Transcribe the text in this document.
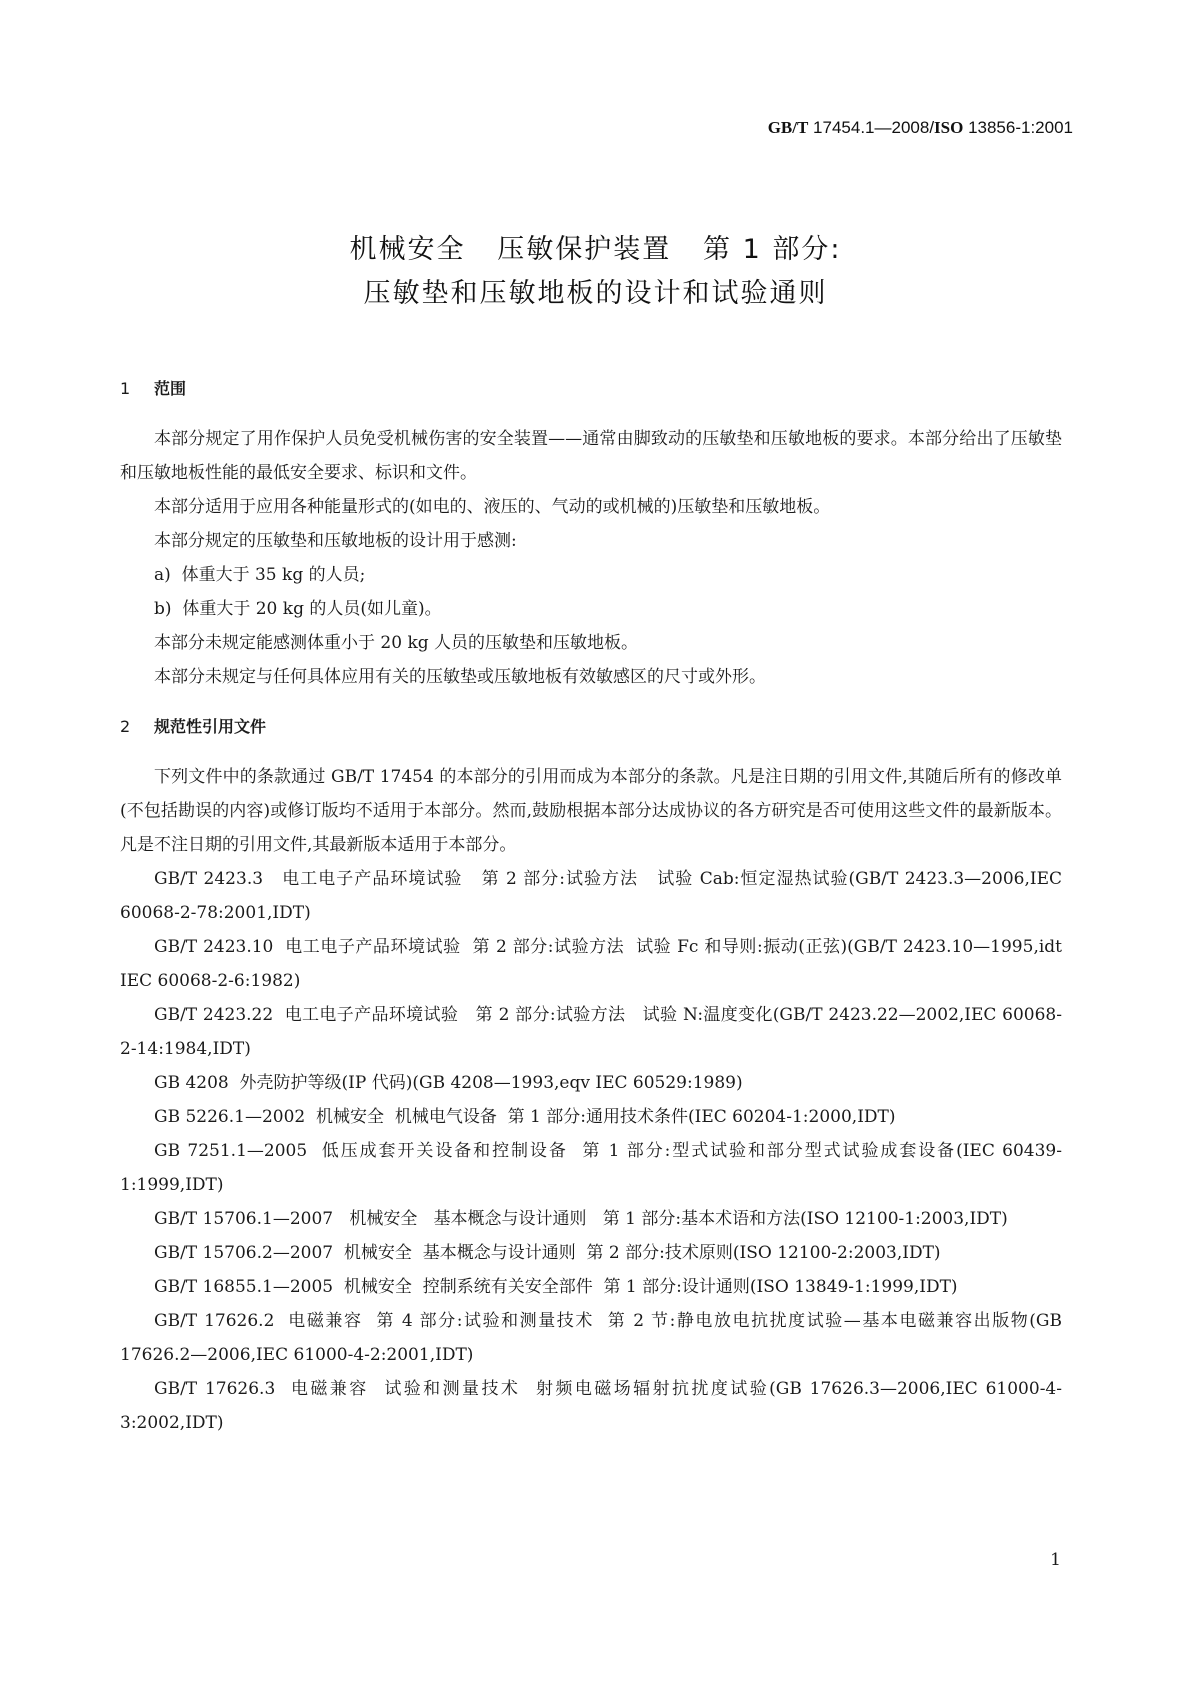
GB/T 17454.1—2008/ISO 13856-1:2001
机械安全   压敏保护装置   第 1 部分:
压敏垫和压敏地板的设计和试验通则
1 范围

本部分规定了用作保护人员免受机械伤害的安全装置——通常由脚致动的压敏垫和压敏地板的要求。本部分给出了压敏垫和压敏地板性能的最低安全要求、标识和文件。

本部分适用于应用各种能量形式的(如电的、液压的、气动的或机械的)压敏垫和压敏地板。

本部分规定的压敏垫和压敏地板的设计用于感测:

a)  体重大于 35 kg 的人员;

b)  体重大于 20 kg 的人员(如儿童)。

本部分未规定能感测体重小于 20 kg 人员的压敏垫和压敏地板。

本部分未规定与任何具体应用有关的压敏垫或压敏地板有效敏感区的尺寸或外形。

2 规范性引用文件

下列文件中的条款通过 GB/T 17454 的本部分的引用而成为本部分的条款。凡是注日期的引用文件,其随后所有的修改单(不包括勘误的内容)或修订版均不适用于本部分。然而,鼓励根据本部分达成协议的各方研究是否可使用这些文件的最新版本。凡是不注日期的引用文件,其最新版本适用于本部分。

GB/T 2423.3   电工电子产品环境试验   第 2 部分:试验方法   试验 Cab:恒定湿热试验(GB/T 2423.3—2006,IEC 60068-2-78:2001,IDT)

GB/T 2423.10  电工电子产品环境试验  第 2 部分:试验方法  试验 Fc 和导则:振动(正弦)(GB/T 2423.10—1995,idt IEC 60068-2-6:1982)

GB/T 2423.22  电工电子产品环境试验   第 2 部分:试验方法   试验 N:温度变化(GB/T 2423.22—2002,IEC 60068-2-14:1984,IDT)

GB 4208  外壳防护等级(IP 代码)(GB 4208—1993,eqv IEC 60529:1989)

GB 5226.1—2002  机械安全  机械电气设备  第 1 部分:通用技术条件(IEC 60204-1:2000,IDT)

GB 7251.1—2005  低压成套开关设备和控制设备  第 1 部分:型式试验和部分型式试验成套设备(IEC 60439-1:1999,IDT)

GB/T 15706.1—2007   机械安全   基本概念与设计通则   第 1 部分:基本术语和方法(ISO 12100-1:2003,IDT)

GB/T 15706.2—2007  机械安全  基本概念与设计通则  第 2 部分:技术原则(ISO 12100-2:2003,IDT)

GB/T 16855.1—2005  机械安全  控制系统有关安全部件  第 1 部分:设计通则(ISO 13849-1:1999,IDT)

GB/T 17626.2  电磁兼容  第 4 部分:试验和测量技术  第 2 节:静电放电抗扰度试验—基本电磁兼容出版物(GB 17626.2—2006,IEC 61000-4-2:2001,IDT)

GB/T 17626.3  电磁兼容  试验和测量技术  射频电磁场辐射抗扰度试验(GB 17626.3—2006,IEC 61000-4-3:2002,IDT)

1
